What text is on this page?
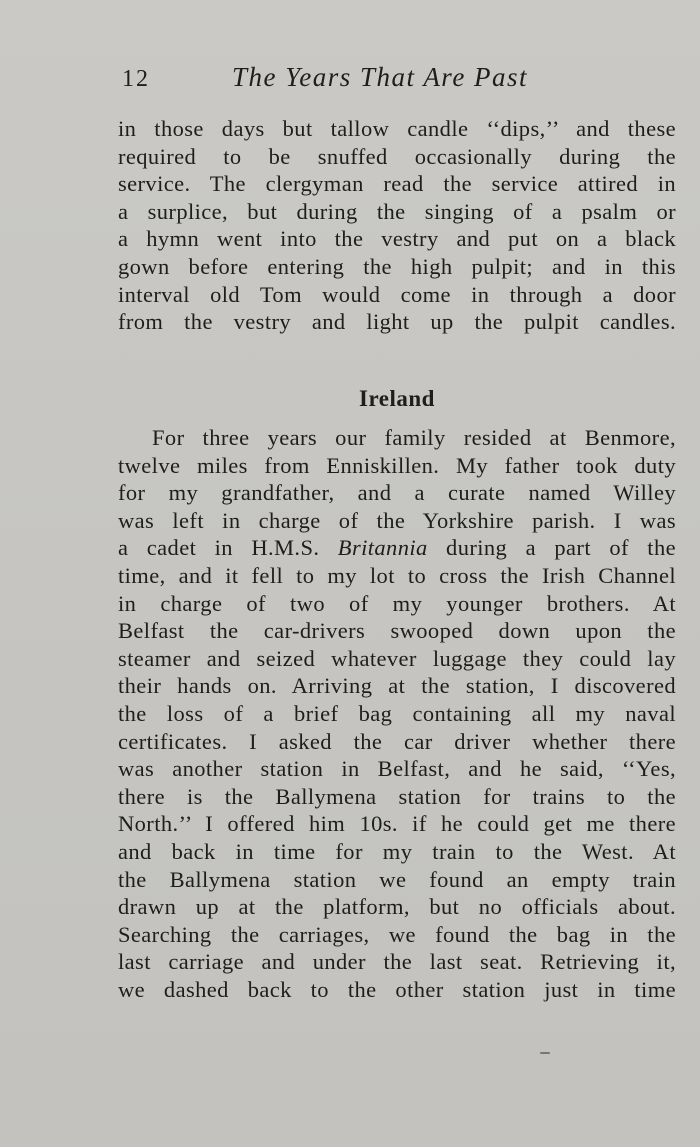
12	The Years That Are Past
in those days but tallow candle ‘‘dips,’’ and these
required to be snuffed occasionally during the
service. The clergyman read the service attired in
a surplice, but during the singing of a psalm or
a hymn went into the vestry and put on a black
gown before entering the high pulpit; and in this
interval old Tom would come in through a door
from the vestry and light up the pulpit candles.
Ireland
For three years our family resided at Benmore,
twelve miles from Enniskillen. My father took duty
for my grandfather, and a curate named Willey
was left in charge of the Yorkshire parish. I was
a cadet in H.M.S. Britannia during a part of the
time, and it fell to my lot to cross the Irish Channel
in charge of two of my younger brothers. At
Belfast the car-drivers swooped down upon the
steamer and seized whatever luggage they could lay
their hands on. Arriving at the station, I discovered
the loss of a brief bag containing all my naval
certificates. I asked the car driver whether there
was another station in Belfast, and he said, ‘‘Yes,
there is the Ballymena station for trains to the
North.’’ I offered him 10s. if he could get me there
and back in time for my train to the West. At
the Ballymena station we found an empty train
drawn up at the platform, but no officials about.
Searching the carriages, we found the bag in the
last carriage and under the last seat. Retrieving it,
we dashed back to the other station just in time
